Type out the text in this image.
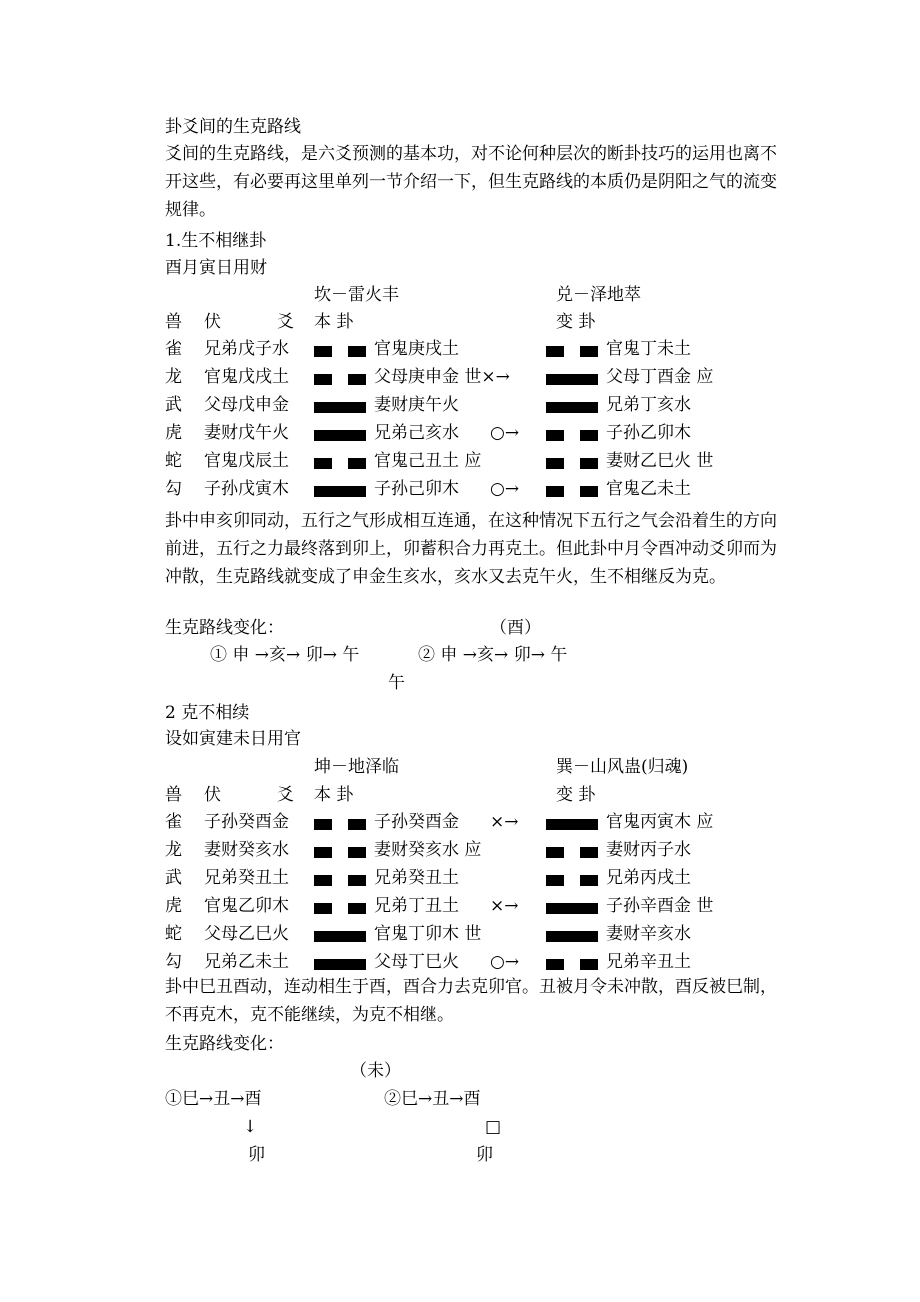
卦爻间的生克路线
爻间的生克路线，是六爻预测的基本功，对不论何种层次的断卦技巧的运用也离不开这些，有必要再这里单列一节介绍一下，但生克路线的本质仍是阴阳之气的流变规律。
1.生不相继卦
酉月寅日用财
坎－雷火丰	兑－泽地萃
兽 伏	爻 本 卦	变 卦
雀 兄弟戊子水	官鬼庚戌土	官鬼丁未土
龙 官鬼戊戌土	父母庚申金 世×→	父母丁酉金 应
武 父母戊申金	妻财庚午火	兄弟丁亥水
虎 妻财戊午火	兄弟己亥水 ○→	子孙乙卯木
蛇 官鬼戊辰土	官鬼己丑土 应	妻财乙巳火 世
勾 子孙戊寅木	子孙己卯木 ○→	官鬼乙未土
卦中申亥卯同动，五行之气形成相互连通，在这种情况下五行之气会沿着生的方向前进，五行之力最终落到卯上，卯蓄积合力再克土。但此卦中月令酉冲动爻卯而为冲散，生克路线就变成了申金生亥水，亥水又去克午火，生不相继反为克。
生克路线变化：	（酉）
① 申 →亥→ 卯→ 午	② 申 →亥→ 卯→ 午
午
2 克不相续
设如寅建未日用官
坤－地泽临	巽－山风蛊(归魂)
兽 伏	爻 本 卦	变 卦
雀 子孙癸酉金	子孙癸酉金 ×→	官鬼丙寅木 应
龙 妻财癸亥水	妻财癸亥水 应	妻财丙子水
武 兄弟癸丑土	兄弟癸丑土	兄弟丙戌土
虎 官鬼乙卯木	兄弟丁丑土 ×→	子孙辛酉金 世
蛇 父母乙巳火	官鬼丁卯木 世	妻财辛亥水
勾 兄弟乙未土	父母丁巳火 ○→	兄弟辛丑土
卦中巳丑酉动，连动相生于酉，酉合力去克卯官。丑被月令未冲散，酉反被巳制，不再克木，克不能继续，为克不相继。
生克路线变化：
（未）
①巳→丑→酉	②巳→丑→酉
↓	□
卯	卯
